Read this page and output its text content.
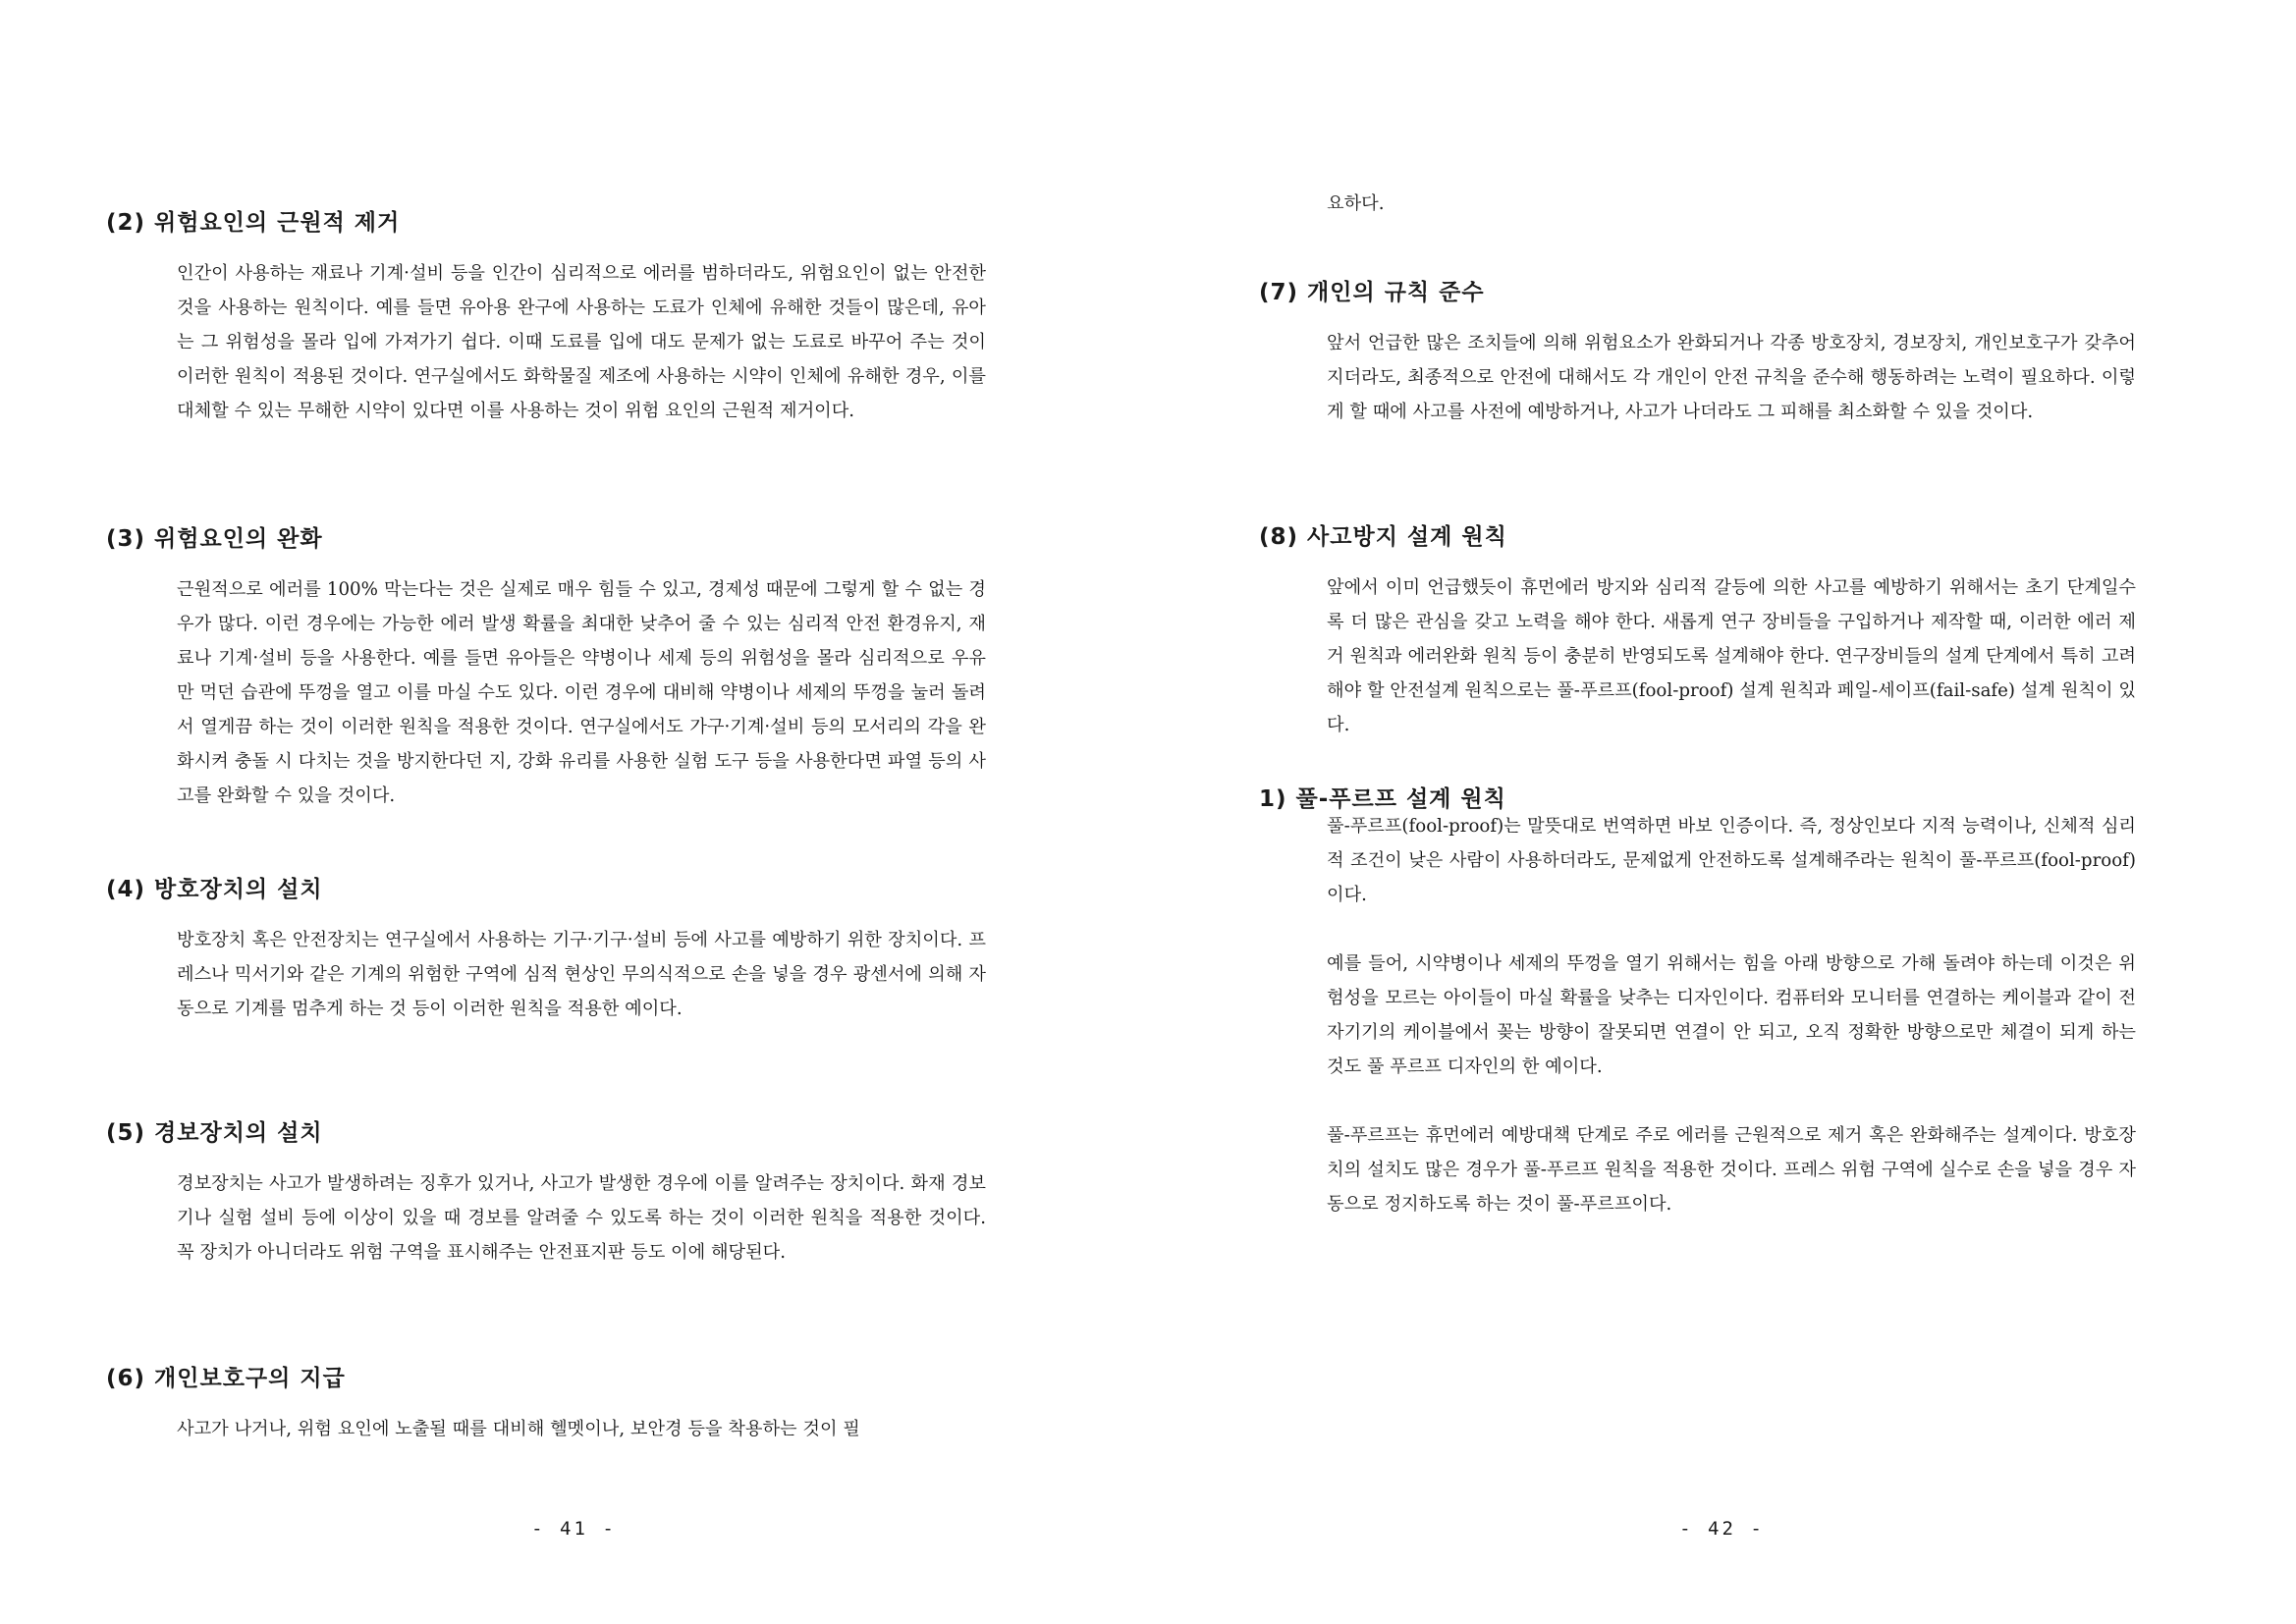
(2) 위험요인의 근원적 제거

인간이 사용하는 재료나 기계·설비 등을 인간이 심리적으로 에러를 범하더라도, 위험요인이 없는 안전한 것을 사용하는 원칙이다. 예를 들면 유아용 완구에 사용하는 도료가 인체에 유해한 것들이 많은데, 유아는 그 위험성을 몰라 입에 가져가기 쉽다. 이때 도료를 입에 대도 문제가 없는 도료로 바꾸어 주는 것이 이러한 원칙이 적용된 것이다. 연구실에서도 화학물질 제조에 사용하는 시약이 인체에 유해한 경우, 이를 대체할 수 있는 무해한 시약이 있다면 이를 사용하는 것이 위험 요인의 근원적 제거이다.

(3) 위험요인의 완화

근원적으로 에러를 100% 막는다는 것은 실제로 매우 힘들 수 있고, 경제성 때문에 그렇게 할 수 없는 경우가 많다. 이런 경우에는 가능한 에러 발생 확률을 최대한 낮추어 줄 수 있는 심리적 안전 환경유지, 재료나 기계·설비 등을 사용한다. 예를 들면 유아들은 약병이나 세제 등의 위험성을 몰라 심리적으로 우유만 먹던 습관에 뚜껑을 열고 이를 마실 수도 있다. 이런 경우에 대비해 약병이나 세제의 뚜껑을 눌러 돌려서 열게끔 하는 것이 이러한 원칙을 적용한 것이다. 연구실에서도 가구·기계·설비 등의 모서리의 각을 완화시켜 충돌 시 다치는 것을 방지한다던 지, 강화 유리를 사용한 실험 도구 등을 사용한다면 파열 등의 사고를 완화할 수 있을 것이다.

(4) 방호장치의 설치

방호장치 혹은 안전장치는 연구실에서 사용하는 기구·기구·설비 등에 사고를 예방하기 위한 장치이다. 프레스나 믹서기와 같은 기계의 위험한 구역에 심적 현상인 무의식적으로 손을 넣을 경우 광센서에 의해 자동으로 기계를 멈추게 하는 것 등이 이러한 원칙을 적용한 예이다.

(5) 경보장치의 설치

경보장치는 사고가 발생하려는 징후가 있거나, 사고가 발생한 경우에 이를 알려주는 장치이다. 화재 경보기나 실험 설비 등에 이상이 있을 때 경보를 알려줄 수 있도록 하는 것이 이러한 원칙을 적용한 것이다. 꼭 장치가 아니더라도 위험 구역을 표시해주는 안전표지판 등도 이에 해당된다.

(6) 개인보호구의 지급

사고가 나거나, 위험 요인에 노출될 때를 대비해 헬멧이나, 보안경 등을 착용하는 것이 필

- 41 -

요하다.

(7) 개인의 규칙 준수

앞서 언급한 많은 조치들에 의해 위험요소가 완화되거나 각종 방호장치, 경보장치, 개인보호구가 갖추어지더라도, 최종적으로 안전에 대해서도 각 개인이 안전 규칙을 준수해 행동하려는 노력이 필요하다. 이렇게 할 때에 사고를 사전에 예방하거나, 사고가 나더라도 그 피해를 최소화할 수 있을 것이다.

(8) 사고방지 설계 원칙

앞에서 이미 언급했듯이 휴먼에러 방지와 심리적 갈등에 의한 사고를 예방하기 위해서는 초기 단계일수록 더 많은 관심을 갖고 노력을 해야 한다. 새롭게 연구 장비들을 구입하거나 제작할 때, 이러한 에러 제거 원칙과 에러완화 원칙 등이 충분히 반영되도록 설계해야 한다. 연구장비들의 설계 단계에서 특히 고려해야 할 안전설계 원칙으로는 풀-푸르프(fool-proof) 설계 원칙과 페일-세이프(fail-safe) 설계 원칙이 있다.

1) 풀-푸르프 설계 원칙

풀-푸르프(fool-proof)는 말뜻대로 번역하면 바보 인증이다. 즉, 정상인보다 지적 능력이나, 신체적 심리적 조건이 낮은 사람이 사용하더라도, 문제없게 안전하도록 설계해주라는 원칙이 풀-푸르프(fool-proof) 이다.

예를 들어, 시약병이나 세제의 뚜껑을 열기 위해서는 힘을 아래 방향으로 가해 돌려야 하는데 이것은 위험성을 모르는 아이들이 마실 확률을 낮추는 디자인이다. 컴퓨터와 모니터를 연결하는 케이블과 같이 전자기기의 케이블에서 꽂는 방향이 잘못되면 연결이 안 되고, 오직 정확한 방향으로만 체결이 되게 하는 것도 풀 푸르프 디자인의 한 예이다.

풀-푸르프는 휴먼에러 예방대책 단계로 주로 에러를 근원적으로 제거 혹은 완화해주는 설계이다. 방호장치의 설치도 많은 경우가 풀-푸르프 원칙을 적용한 것이다. 프레스 위험 구역에 실수로 손을 넣을 경우 자동으로 정지하도록 하는 것이 풀-푸르프이다.

- 42 -
